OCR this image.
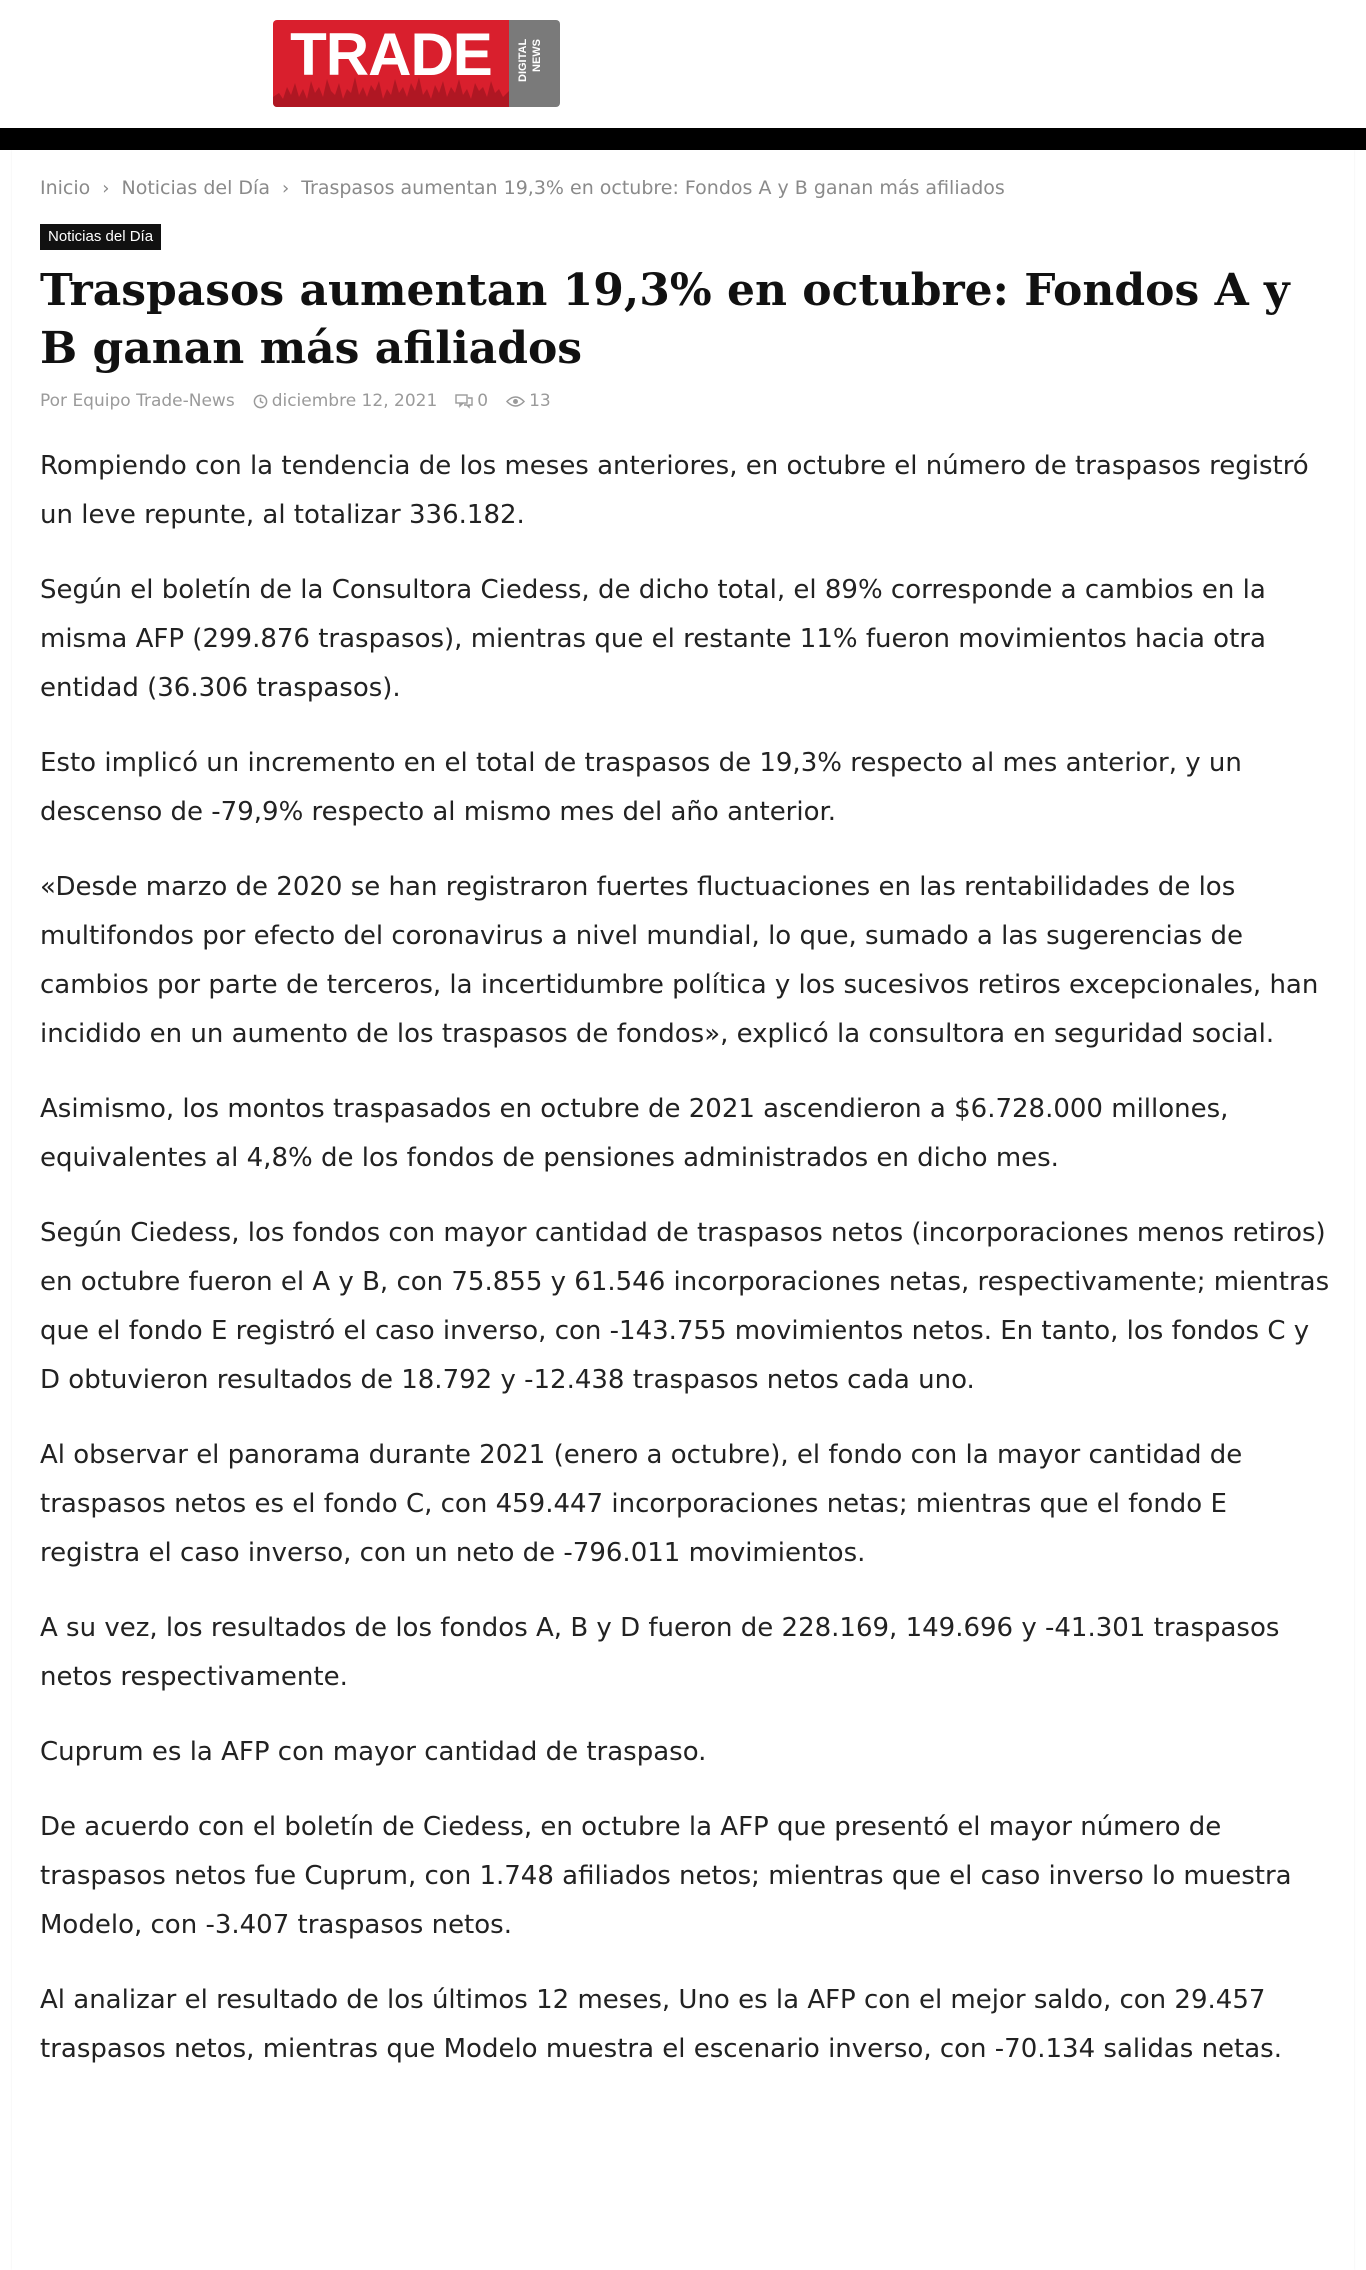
TRADE DIGITAL NEWS
Inicio › Noticias del Día › Traspasos aumentan 19,3% en octubre: Fondos A y B ganan más afiliados
Noticias del Día
Traspasos aumentan 19,3% en octubre: Fondos A y B ganan más afiliados
Por Equipo Trade-News diciembre 12, 2021 0 13

Rompiendo con la tendencia de los meses anteriores, en octubre el número de traspasos registró un leve repunte, al totalizar 336.182.

Según el boletín de la Consultora Ciedess, de dicho total, el 89% corresponde a cambios en la misma AFP (299.876 traspasos), mientras que el restante 11% fueron movimientos hacia otra entidad (36.306 traspasos).

Esto implicó un incremento en el total de traspasos de 19,3% respecto al mes anterior, y un descenso de -79,9% respecto al mismo mes del año anterior.

«Desde marzo de 2020 se han registraron fuertes fluctuaciones en las rentabilidades de los multifondos por efecto del coronavirus a nivel mundial, lo que, sumado a las sugerencias de cambios por parte de terceros, la incertidumbre política y los sucesivos retiros excepcionales, han incidido en un aumento de los traspasos de fondos», explicó la consultora en seguridad social.

Asimismo, los montos traspasados en octubre de 2021 ascendieron a $6.728.000 millones, equivalentes al 4,8% de los fondos de pensiones administrados en dicho mes.

Según Ciedess, los fondos con mayor cantidad de traspasos netos (incorporaciones menos retiros) en octubre fueron el A y B, con 75.855 y 61.546 incorporaciones netas, respectivamente; mientras que el fondo E registró el caso inverso, con -143.755 movimientos netos. En tanto, los fondos C y D obtuvieron resultados de 18.792 y -12.438 traspasos netos cada uno.

Al observar el panorama durante 2021 (enero a octubre), el fondo con la mayor cantidad de traspasos netos es el fondo C, con 459.447 incorporaciones netas; mientras que el fondo E registra el caso inverso, con un neto de -796.011 movimientos.

A su vez, los resultados de los fondos A, B y D fueron de 228.169, 149.696 y -41.301 traspasos netos respectivamente.

Cuprum es la AFP con mayor cantidad de traspaso.

De acuerdo con el boletín de Ciedess, en octubre la AFP que presentó el mayor número de traspasos netos fue Cuprum, con 1.748 afiliados netos; mientras que el caso inverso lo muestra Modelo, con -3.407 traspasos netos.

Al analizar el resultado de los últimos 12 meses, Uno es la AFP con el mejor saldo, con 29.457 traspasos netos, mientras que Modelo muestra el escenario inverso, con -70.134 salidas netas.
